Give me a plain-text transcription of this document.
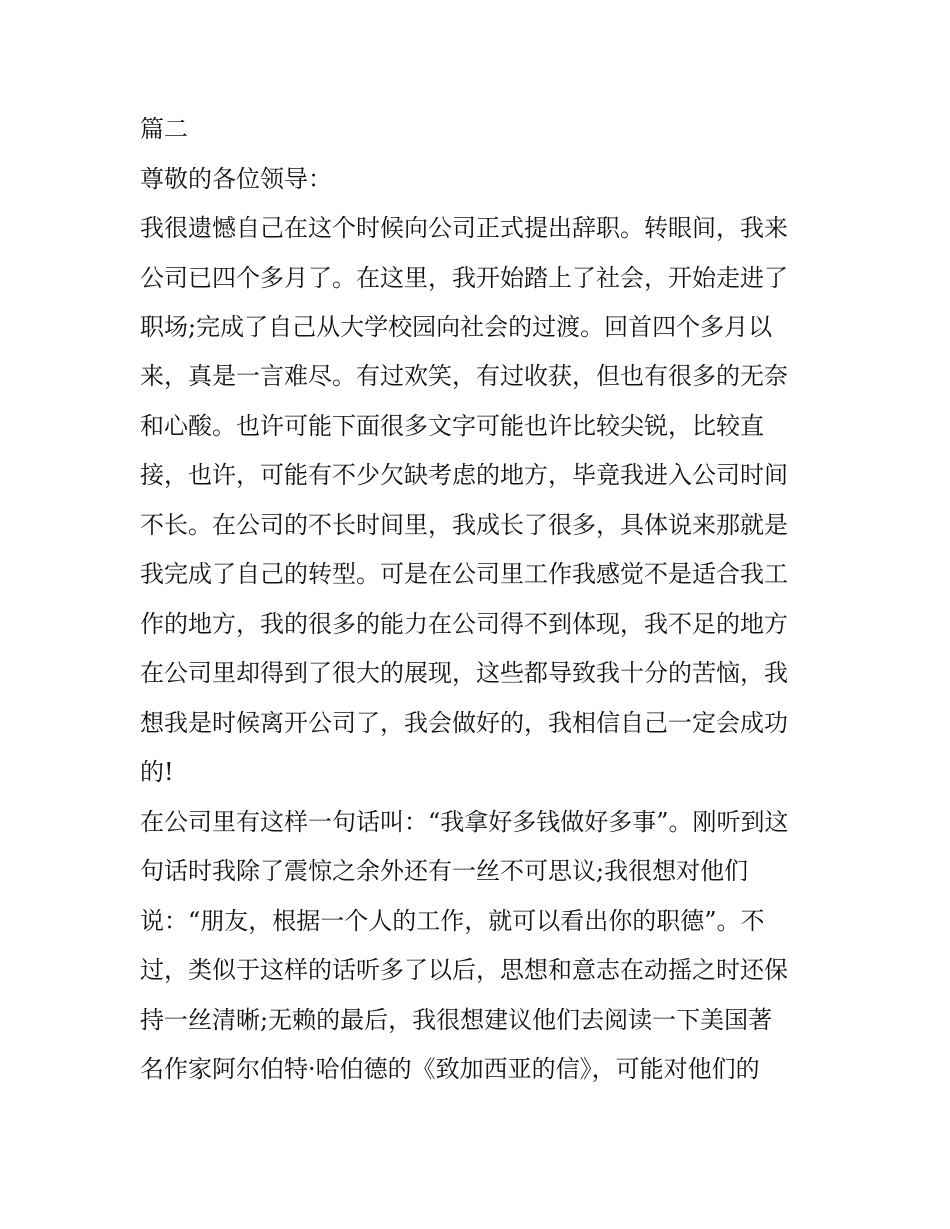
篇二

尊敬的各位领导：

我很遗憾自己在这个时候向公司正式提出辞职。转眼间，我来

公司已四个多月了。在这里，我开始踏上了社会，开始走进了

职场;完成了自己从大学校园向社会的过渡。回首四个多月以

来，真是一言难尽。有过欢笑，有过收获，但也有很多的无奈

和心酸。也许可能下面很多文字可能也许比较尖锐，比较直

接，也许，可能有不少欠缺考虑的地方，毕竟我进入公司时间

不长。在公司的不长时间里，我成长了很多，具体说来那就是

我完成了自己的转型。可是在公司里工作我感觉不是适合我工

作的地方，我的很多的能力在公司得不到体现，我不足的地方

在公司里却得到了很大的展现，这些都导致我十分的苦恼，我

想我是时候离开公司了，我会做好的，我相信自己一定会成功

的!

在公司里有这样一句话叫：“我拿好多钱做好多事”。刚听到这

句话时我除了震惊之余外还有一丝不可思议;我很想对他们

说：“朋友，根据一个人的工作，就可以看出你的职德”。不

过，类似于这样的话听多了以后，思想和意志在动摇之时还保

持一丝清晰;无赖的最后，我很想建议他们去阅读一下美国著

名作家阿尔伯特·哈伯德的《致加西亚的信》，可能对他们的
